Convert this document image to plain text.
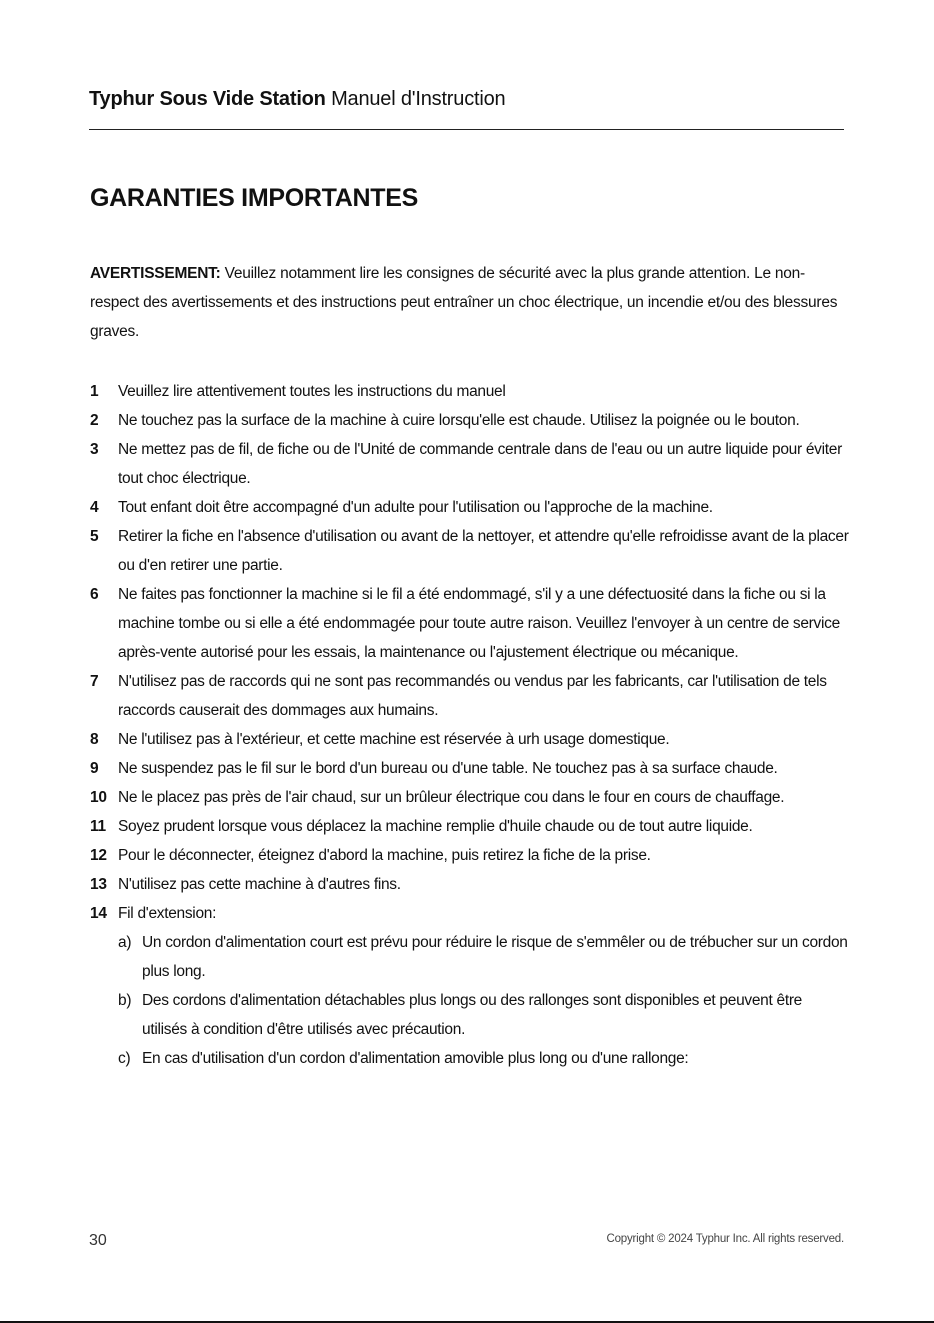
Typhur Sous Vide Station Manuel d'Instruction
GARANTIES IMPORTANTES

AVERTISSEMENT: Veuillez notamment lire les consignes de sécurité avec la plus grande attention. Le non-respect des avertissements et des instructions peut entraîner un choc électrique, un incendie et/ou des blessures graves.

1	Veuillez lire attentivement toutes les instructions du manuel
2	Ne touchez pas la surface de la machine à cuire lorsqu'elle est chaude. Utilisez la poignée ou le bouton.
3	Ne mettez pas de fil, de fiche ou de l'Unité de commande centrale dans de l'eau ou un autre liquide pour éviter tout choc électrique.
4	Tout enfant doit être accompagné d'un adulte pour l'utilisation ou l'approche de la machine.
5	Retirer la fiche en l'absence d'utilisation ou avant de la nettoyer, et attendre qu'elle refroidisse avant de la placer ou d'en retirer une partie.
6	Ne faites pas fonctionner la machine si le fil a été endommagé, s'il y a une défectuosité dans la fiche ou si la machine tombe ou si elle a été endommagée pour toute autre raison. Veuillez l'envoyer à un centre de service après-vente autorisé pour les essais, la maintenance ou l'ajustement électrique ou mécanique.
7	N'utilisez pas de raccords qui ne sont pas recommandés ou vendus par les fabricants, car l'utilisation de tels raccords causerait des dommages aux humains.
8	Ne l'utilisez pas à l'extérieur, et cette machine est réservée à urh usage domestique.
9	Ne suspendez pas le fil sur le bord d'un bureau ou d'une table. Ne touchez pas à sa surface chaude.
10 Ne le placez pas près de l'air chaud, sur un brûleur électrique cou dans le four en cours de chauffage.
11 Soyez prudent lorsque vous déplacez la machine remplie d'huile chaude ou de tout autre liquide.
12 Pour le déconnecter, éteignez d'abord la machine, puis retirez la fiche de la prise.
13 N'utilisez pas cette machine à d'autres fins.
14 Fil d'extension:
a) Un cordon d'alimentation court est prévu pour réduire le risque de s'emmêler ou de trébucher sur un cordon plus long.
b) Des cordons d'alimentation détachables plus longs ou des rallonges sont disponibles et peuvent être utilisés à condition d'être utilisés avec précaution.
c) En cas d'utilisation d'un cordon d'alimentation amovible plus long ou d'une rallonge:
30	Copyright © 2024 Typhur Inc. All rights reserved.
